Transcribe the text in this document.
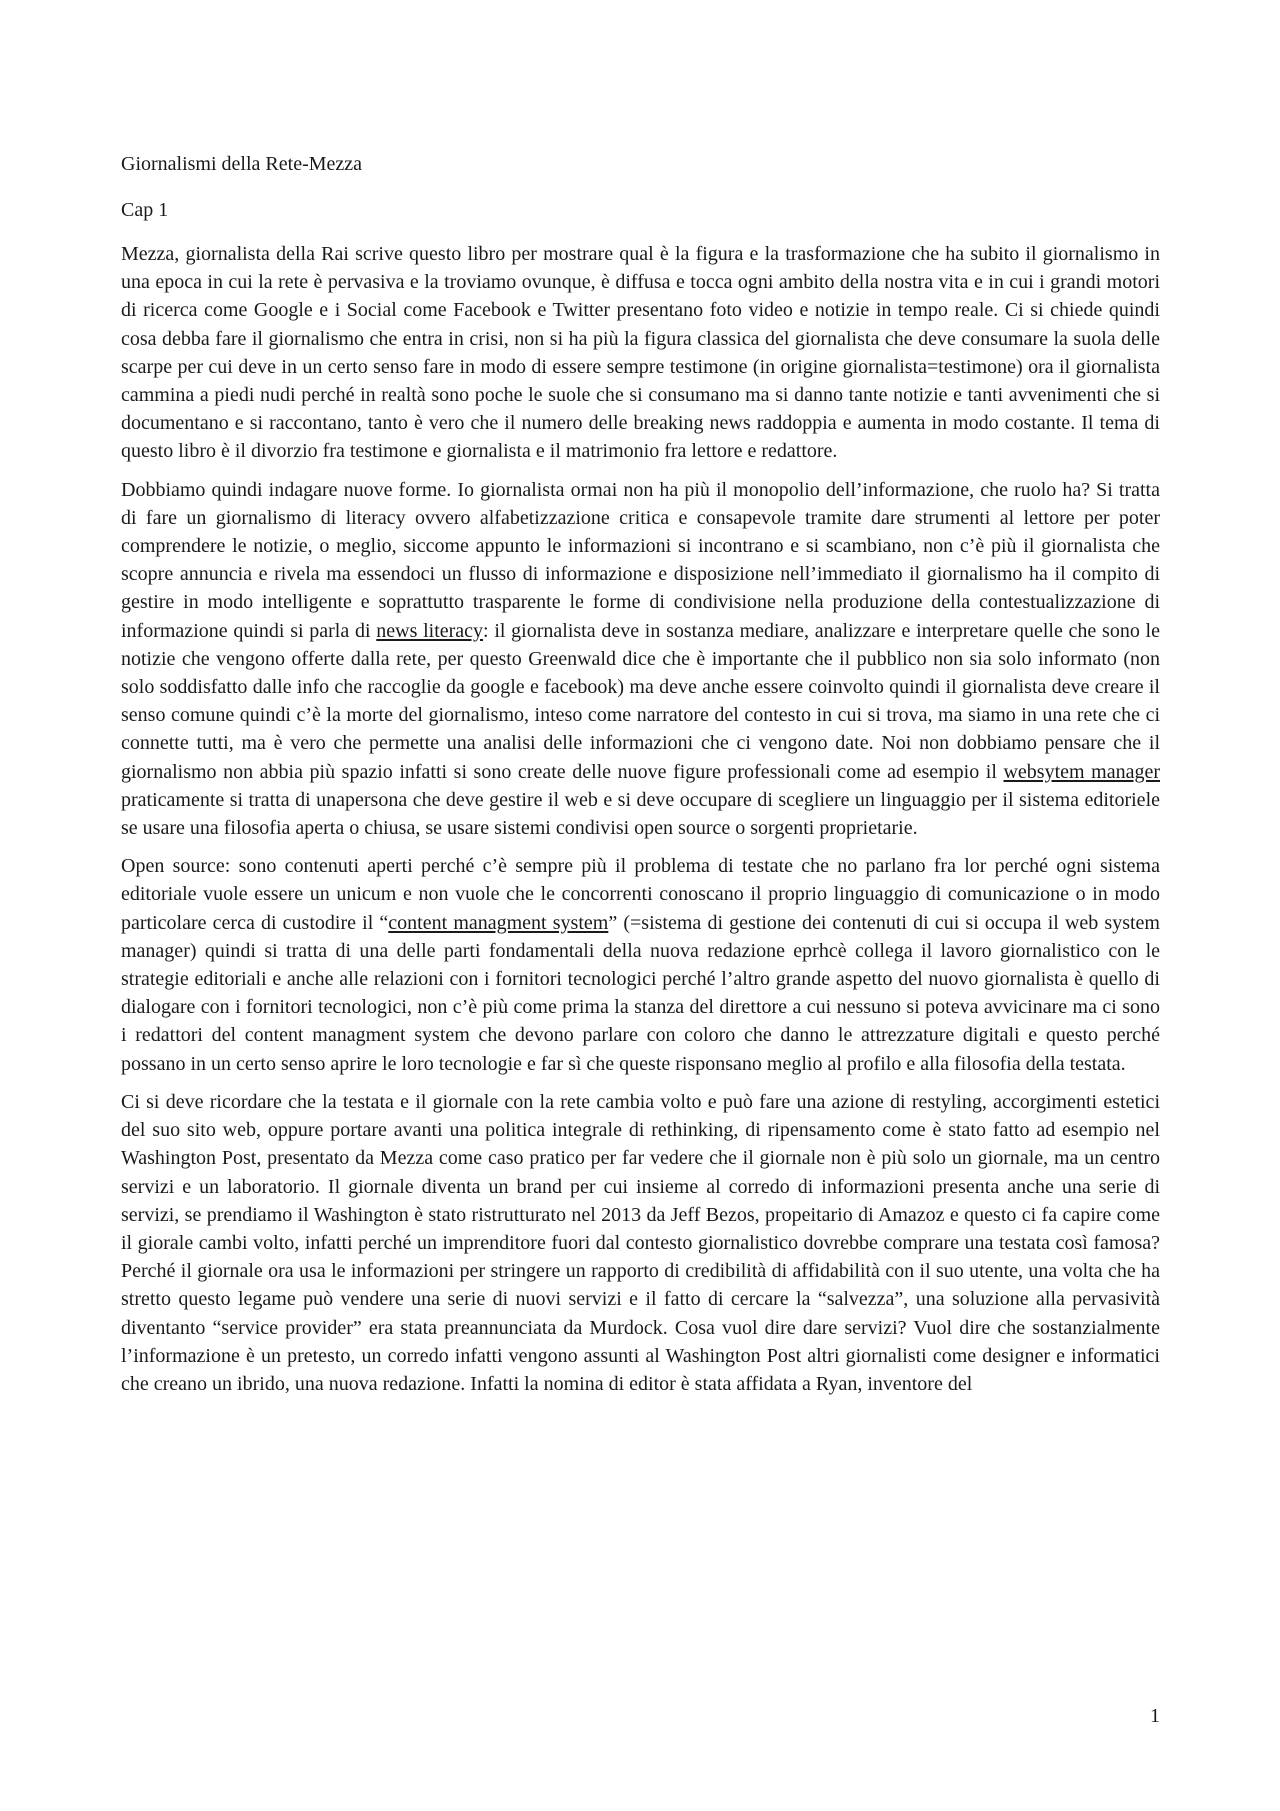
Giornalismi della Rete-Mezza
Cap 1

Mezza, giornalista della Rai scrive questo libro per mostrare qual è la figura e la trasformazione che ha subito il giornalismo in una epoca in cui la rete è pervasiva e la troviamo ovunque, è diffusa e tocca ogni ambito della nostra vita e in cui i grandi motori di ricerca come Google e i Social come Facebook e Twitter presentano foto video e notizie in tempo reale. Ci si chiede quindi cosa debba fare il giornalismo che entra in crisi, non si ha più la figura classica del giornalista che deve consumare la suola delle scarpe per cui deve in un certo senso fare in modo di essere sempre testimone (in origine giornalista=testimone) ora il giornalista cammina a piedi nudi perché in realtà sono poche le suole che si consumano ma si danno tante notizie e tanti avvenimenti che si documentano e si raccontano, tanto è vero che il numero delle breaking news raddoppia e aumenta in modo costante. Il tema di questo libro è il divorzio fra testimone e giornalista e il matrimonio fra lettore e redattore.

Dobbiamo quindi indagare nuove forme. Io giornalista ormai non ha più il monopolio dell’informazione, che ruolo ha? Si tratta di fare un giornalismo di literacy ovvero alfabetizzazione critica e consapevole tramite dare strumenti al lettore per poter comprendere le notizie, o meglio, siccome appunto le informazioni si incontrano e si scambiano, non c’è più il giornalista che scopre annuncia e rivela ma essendoci un flusso di informazione e disposizione nell’immediato il giornalismo ha il compito di gestire in modo intelligente e soprattutto trasparente le forme di condivisione nella produzione della contestualizzazione di informazione quindi si parla di news literacy: il giornalista deve in sostanza mediare, analizzare e interpretare quelle che sono le notizie che vengono offerte dalla rete, per questo Greenwald dice che è importante che il pubblico non sia solo informato (non solo soddisfatto dalle info che raccoglie da google e facebook) ma deve anche essere coinvolto quindi il giornalista deve creare il senso comune quindi c’è la morte del giornalismo, inteso come narratore del contesto in cui si trova, ma siamo in una rete che ci connette tutti, ma è vero che permette una analisi delle informazioni che ci vengono date. Noi non dobbiamo pensare che il giornalismo non abbia più spazio infatti si sono create delle nuove figure professionali come ad esempio il websytem manager praticamente si tratta di unapersona che deve gestire il web e si deve occupare di scegliere un linguaggio per il sistema editoriele se usare una filosofia aperta o chiusa, se usare sistemi condivisi open source o sorgenti proprietarie.

Open source: sono contenuti aperti perché c’è sempre più il problema di testate che no parlano fra lor perché ogni sistema editoriale vuole essere un unicum e non vuole che le concorrenti conoscano il proprio linguaggio di comunicazione o in modo particolare cerca di custodire il “content managment system” (=sistema di gestione dei contenuti di cui si occupa il web system manager) quindi si tratta di una delle parti fondamentali della nuova redazione eprhcè collega il lavoro giornalistico con le strategie editoriali e anche alle relazioni con i fornitori tecnologici perché l’altro grande aspetto del nuovo giornalista è quello di dialogare con i fornitori tecnologici, non c’è più come prima la stanza del direttore a cui nessuno si poteva avvicinare ma ci sono i redattori del content managment system che devono parlare con coloro che danno le attrezzature digitali e questo perché possano in un certo senso aprire le loro tecnologie e far sì che queste risponsano meglio al profilo e alla filosofia della testata.

Ci si deve ricordare che la testata e il giornale con la rete cambia volto e può fare una azione di restyling, accorgimenti estetici del suo sito web, oppure portare avanti una politica integrale di rethinking, di ripensamento come è stato fatto ad esempio nel Washington Post, presentato da Mezza come caso pratico per far vedere che il giornale non è più solo un giornale, ma un centro servizi e un laboratorio. Il giornale diventa un brand per cui insieme al corredo di informazioni presenta anche una serie di servizi, se prendiamo il Washington è stato ristrutturato nel 2013 da Jeff Bezos, propeitario di Amazoz e questo ci fa capire come il giorale cambi volto, infatti perché un imprenditore fuori dal contesto giornalistico dovrebbe comprare una testata così famosa? Perché il giornale ora usa le informazioni per stringere un rapporto di credibilità di affidabilità con il suo utente, una volta che ha stretto questo legame può vendere una serie di nuovi servizi e il fatto di cercare la “salvezza”, una soluzione alla pervasività diventanto “service provider” era stata preannunciata da Murdock. Cosa vuol dire dare servizi? Vuol dire che sostanzialmente l’informazione è un pretesto, un corredo infatti vengono assunti al Washington Post altri giornalisti come designer e informatici che creano un ibrido, una nuova redazione. Infatti la nomina di editor è stata affidata a Ryan, inventore del

1
